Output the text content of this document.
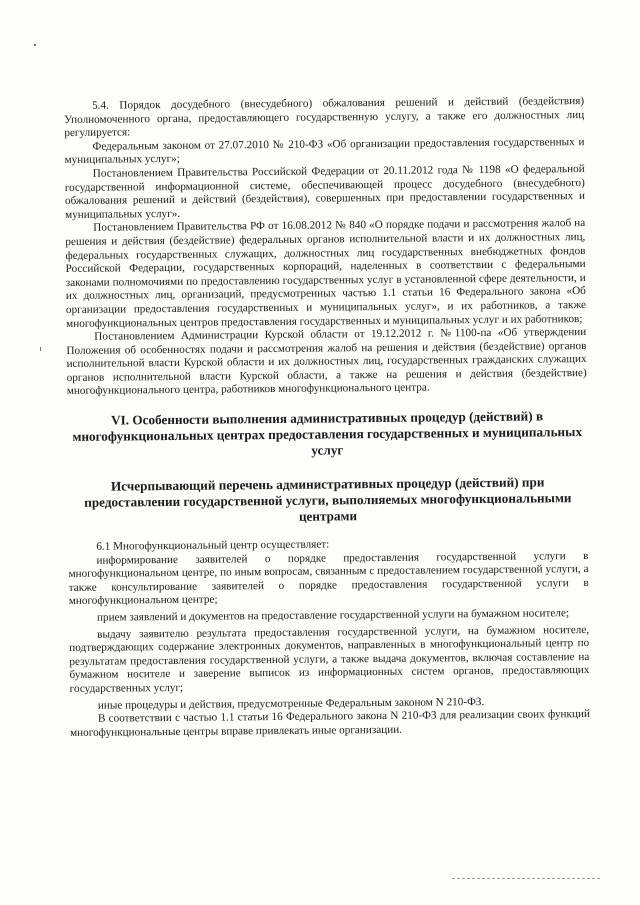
5.4. Порядок досудебного (внесудебного) обжалования решений и действий (бездействия) Уполномоченного органа, предоставляющего государственную услугу, а также его должностных лиц регулируется:

Федеральным законом от 27.07.2010 № 210-ФЗ «Об организации предоставления государственных и муниципальных услуг»;

Постановлением Правительства Российской Федерации от 20.11.2012 года № 1198 «О федеральной государственной информационной системе, обеспечивающей процесс досудебного (внесудебного) обжалования решений и действий (бездействия), совершенных при предоставлении государственных и муниципальных услуг».

Постановлением Правительства РФ от 16.08.2012 № 840 «О порядке подачи и рассмотрения жалоб на решения и действия (бездействие) федеральных органов исполнительной власти и их должностных лиц, федеральных государственных служащих, должностных лиц государственных внебюджетных фондов Российской Федерации, государственных корпораций, наделенных в соответствии с федеральными законами полномочиями по предоставлению государственных услуг в установленной сфере деятельности, и их должностных лиц, организаций, предусмотренных частью 1.1 статьи 16 Федерального закона «Об организации предоставления государственных и муниципальных услуг», и их работников, а также многофункциональных центров предоставления государственных и муниципальных услуг и их работников;

Постановлением Администрации Курской области от 19.12.2012 г. №1100-па «Об утверждении Положения об особенностях подачи и рассмотрения жалоб на решения и действия (бездействие) органов исполнительной власти Курской области и их должностных лиц, государственных гражданских служащих органов исполнительной власти Курской области, а также на решения и действия (бездействие) многофункционального центра, работников многофункционального центра.

VI. Особенности выполнения административных процедур (действий) в многофункциональных центрах предоставления государственных и муниципальных услуг
Исчерпывающий перечень административных процедур (действий) при предоставлении государственной услуги, выполняемых многофункциональными центрами

6.1 Многофункциональный центр осуществляет:

информирование заявителей о порядке предоставления государственной услуги в многофункциональном центре, по иным вопросам, связанным с предоставлением государственной услуги, а также консультирование заявителей о порядке предоставления государственной услуги в многофункциональном центре;

прием заявлений и документов на предоставление государственной услуги на бумажном носителе;

выдачу заявителю результата предоставления государственной услуги, на бумажном носителе, подтверждающих содержание электронных документов, направленных в многофункциональный центр по результатам предоставления государственной услуги, а также выдача документов, включая составление на бумажном носителе и заверение выписок из информационных систем органов, предоставляющих государственных услуг;

иные процедуры и действия, предусмотренные Федеральным законом N 210-ФЗ.

В соответствии с частью 1.1 статьи 16 Федерального закона N 210-ФЗ для реализации своих функций многофункциональные центры вправе привлекать иные организации.
